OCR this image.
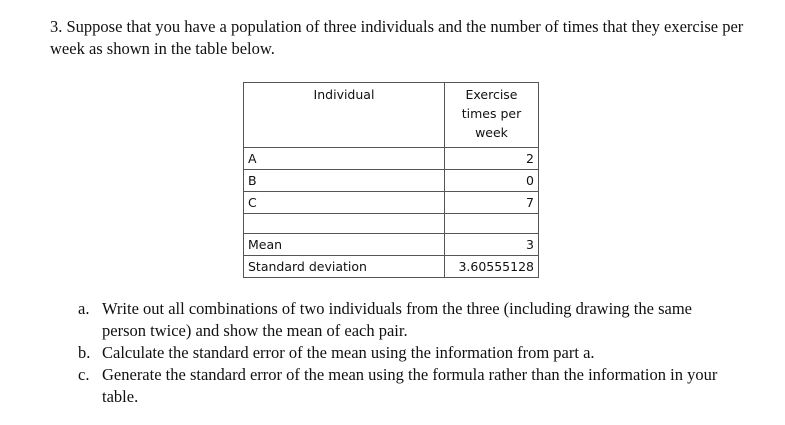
3. Suppose that you have a population of three individuals and the number of times that they exercise per week as shown in the table below.

Individual	Exercise times per week
A	2
B	0
C	7

Mean	3
Standard deviation	3.60555128
a. Write out all combinations of two individuals from the three (including drawing the same person twice) and show the mean of each pair.
b. Calculate the standard error of the mean using the information from part a.
c. Generate the standard error of the mean using the formula rather than the information in your table.
